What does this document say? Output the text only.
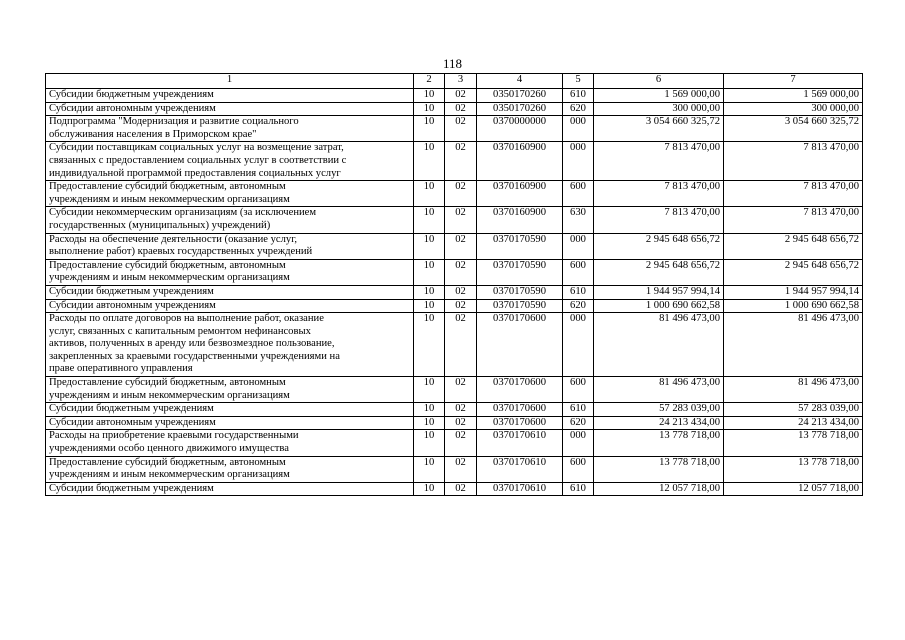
118
1	2	3	4	5	6	7

Субсидии бюджетным учреждениям	10	02	0350170260	610	1 569 000,00	1 569 000,00

Субсидии автономным учреждениям	10	02	0350170260	620	300 000,00	300 000,00

Подпрограмма "Модернизация и развитие социального
обслуживания населения в Приморском крае"	10	02	0370000000	000	3 054 660 325,72	3 054 660 325,72

Субсидии поставщикам социальных услуг на возмещение затрат,
связанных с предоставлением социальных услуг в соответствии с
индивидуальной программой предоставления социальных услуг	10	02	0370160900	000	7 813 470,00	7 813 470,00

Предоставление субсидий бюджетным, автономным
учреждениям и иным некоммерческим организациям	10	02	0370160900	600	7 813 470,00	7 813 470,00

Субсидии некоммерческим организациям (за исключением
государственных (муниципальных) учреждений)	10	02	0370160900	630	7 813 470,00	7 813 470,00

Расходы на обеспечение деятельности (оказание услуг,
выполнение работ) краевых государственных учреждений	10	02	0370170590	000	2 945 648 656,72	2 945 648 656,72

Предоставление субсидий бюджетным, автономным
учреждениям и иным некоммерческим организациям	10	02	0370170590	600	2 945 648 656,72	2 945 648 656,72

Субсидии бюджетным учреждениям	10	02	0370170590	610	1 944 957 994,14	1 944 957 994,14

Субсидии автономным учреждениям	10	02	0370170590	620	1 000 690 662,58	1 000 690 662,58

Расходы по оплате договоров на выполнение работ, оказание
услуг, связанных с капитальным ремонтом нефинансовых
активов, полученных в аренду или безвозмездное пользование,
закрепленных за краевыми государственными учреждениями на
праве оперативного управления	10	02	0370170600	000	81 496 473,00	81 496 473,00

Предоставление субсидий бюджетным, автономным
учреждениям и иным некоммерческим организациям	10	02	0370170600	600	81 496 473,00	81 496 473,00

Субсидии бюджетным учреждениям	10	02	0370170600	610	57 283 039,00	57 283 039,00

Субсидии автономным учреждениям	10	02	0370170600	620	24 213 434,00	24 213 434,00

Расходы на приобретение краевыми государственными
учреждениями особо ценного движимого имущества	10	02	0370170610	000	13 778 718,00	13 778 718,00

Предоставление субсидий бюджетным, автономным
учреждениям и иным некоммерческим организациям	10	02	0370170610	600	13 778 718,00	13 778 718,00

Субсидии бюджетным учреждениям	10	02	0370170610	610	12 057 718,00	12 057 718,00
